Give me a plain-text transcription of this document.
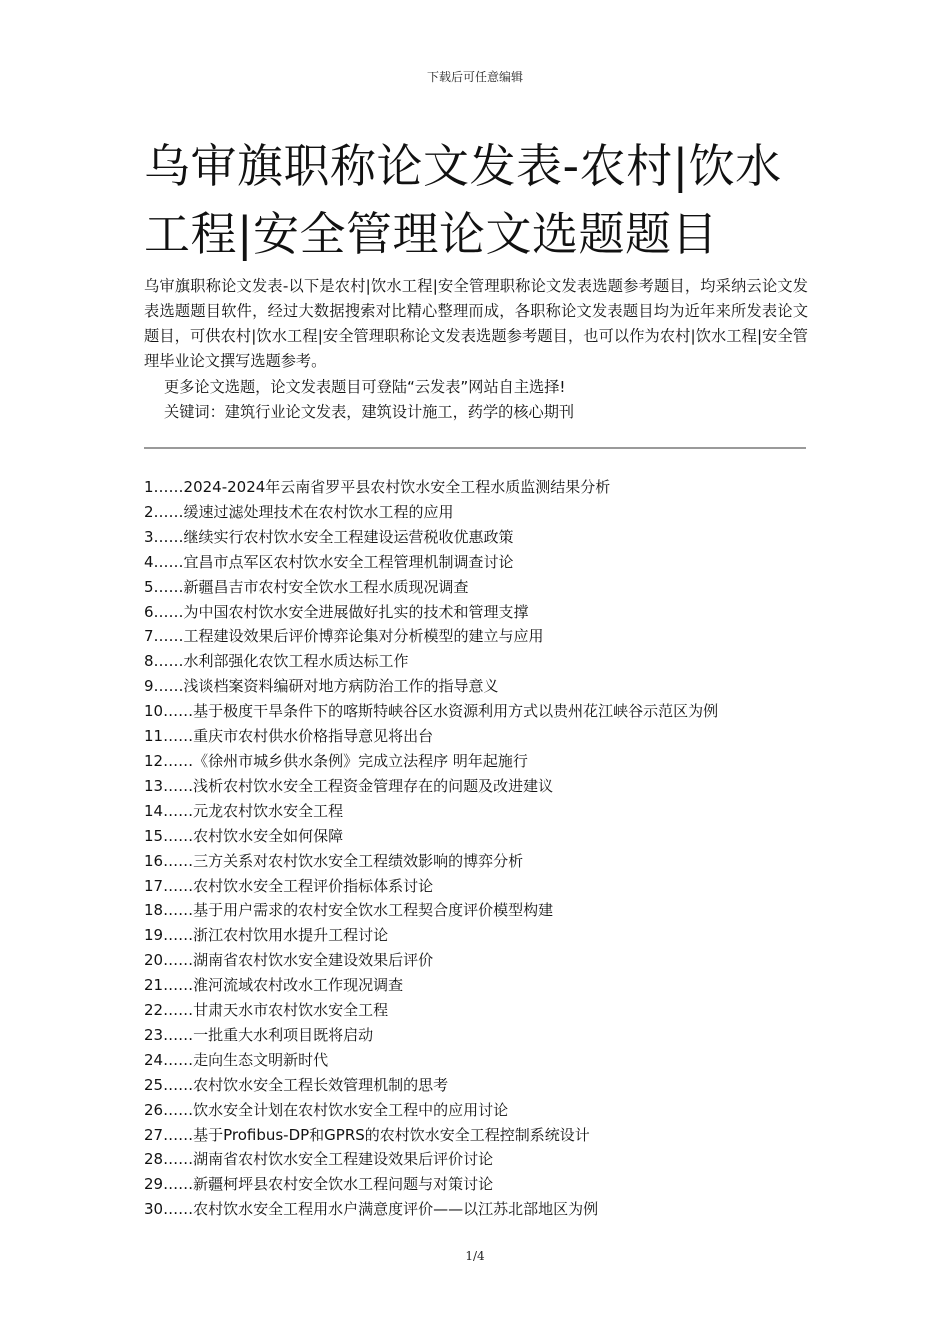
下载后可任意编辑
乌审旗职称论文发表-农村|饮水工程|安全管理论文选题题目

乌审旗职称论文发表-以下是农村|饮水工程|安全管理职称论文发表选题参考题目，均采纳云论文发表选题题目软件，经过大数据搜索对比精心整理而成，各职称论文发表题目均为近年来所发表论文题目，可供农村|饮水工程|安全管理职称论文发表选题参考题目，也可以作为农村|饮水工程|安全管理毕业论文撰写选题参考。

更多论文选题，论文发表题目可登陆“云发表”网站自主选择!

关键词：建筑行业论文发表，建筑设计施工，药学的核心期刊

1……2024-2024年云南省罗平县农村饮水安全工程水质监测结果分析
2……缓速过滤处理技术在农村饮水工程的应用
3……继续实行农村饮水安全工程建设运营税收优惠政策
4……宜昌市点军区农村饮水安全工程管理机制调查讨论
5……新疆昌吉市农村安全饮水工程水质现况调查
6……为中国农村饮水安全进展做好扎实的技术和管理支撑
7……工程建设效果后评价博弈论集对分析模型的建立与应用
8……水利部强化农饮工程水质达标工作
9……浅谈档案资料编研对地方病防治工作的指导意义
10……基于极度干旱条件下的喀斯特峡谷区水资源利用方式以贵州花江峡谷示范区为例
11……重庆市农村供水价格指导意见将出台
12……《徐州市城乡供水条例》完成立法程序 明年起施行
13……浅析农村饮水安全工程资金管理存在的问题及改进建议
14……元龙农村饮水安全工程
15……农村饮水安全如何保障
16……三方关系对农村饮水安全工程绩效影响的博弈分析
17……农村饮水安全工程评价指标体系讨论
18……基于用户需求的农村安全饮水工程契合度评价模型构建
19……浙江农村饮用水提升工程讨论
20……湖南省农村饮水安全建设效果后评价
21……淮河流域农村改水工作现况调查
22……甘肃天水市农村饮水安全工程
23……一批重大水利项目既将启动
24……走向生态文明新时代
25……农村饮水安全工程长效管理机制的思考
26……饮水安全计划在农村饮水安全工程中的应用讨论
27……基于Profibus-DP和GPRS的农村饮水安全工程控制系统设计
28……湖南省农村饮水安全工程建设效果后评价讨论
29……新疆柯坪县农村安全饮水工程问题与对策讨论
30……农村饮水安全工程用水户满意度评价——以江苏北部地区为例
1/4
